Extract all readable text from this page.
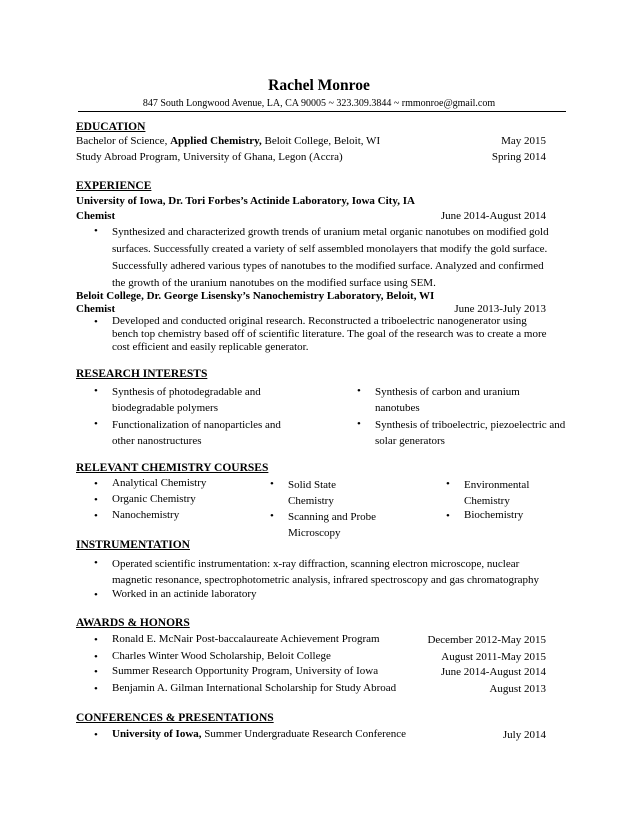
Rachel Monroe
847 South Longwood Avenue, LA, CA 90005 ~ 323.309.3844 ~ rmmonroe@gmail.com
EDUCATION
Bachelor of Science, Applied Chemistry, Beloit College, Beloit, WI	May 2015
Study Abroad Program, University of Ghana, Legon (Accra)	Spring 2014
EXPERIENCE
University of Iowa, Dr. Tori Forbes’s Actinide Laboratory, Iowa City, IA
Chemist	June 2014-August 2014
• Synthesized and characterized growth trends of uranium metal organic nanotubes on modified gold surfaces. Successfully created a variety of self assembled monolayers that modify the gold surface. Successfully adhered various types of nanotubes to the modified surface. Analyzed and confirmed the growth of the uranium nanotubes on the modified surface using SEM.
Beloit College, Dr. George Lisensky’s Nanochemistry Laboratory, Beloit, WI
Chemist	June 2013-July 2013
• Developed and conducted original research. Reconstructed a triboelectric nanogenerator using bench top chemistry based off of scientific literature. The goal of the research was to create a more cost efficient and easily replicable generator.
RESEARCH INTERESTS
• Synthesis of photodegradable and biodegradable polymers
• Functionalization of nanoparticles and other nanostructures
• Synthesis of carbon and uranium nanotubes
• Synthesis of triboelectric, piezoelectric and solar generators
RELEVANT CHEMISTRY COURSES
• Analytical Chemistry
• Organic Chemistry
• Nanochemistry
• Solid State Chemistry
• Scanning and Probe Microscopy
• Environmental Chemistry
• Biochemistry
INSTRUMENTATION
• Operated scientific instrumentation: x-ray diffraction, scanning electron microscope, nuclear magnetic resonance, spectrophotometric analysis, infrared spectroscopy and gas chromatography
• Worked in an actinide laboratory
AWARDS & HONORS
• Ronald E. McNair Post-baccalaureate Achievement Program	December 2012-May 2015
• Charles Winter Wood Scholarship, Beloit College	August 2011-May 2015
• Summer Research Opportunity Program, University of Iowa	June 2014-August 2014
• Benjamin A. Gilman International Scholarship for Study Abroad	August 2013
CONFERENCES & PRESENTATIONS
• University of Iowa, Summer Undergraduate Research Conference	July 2014
